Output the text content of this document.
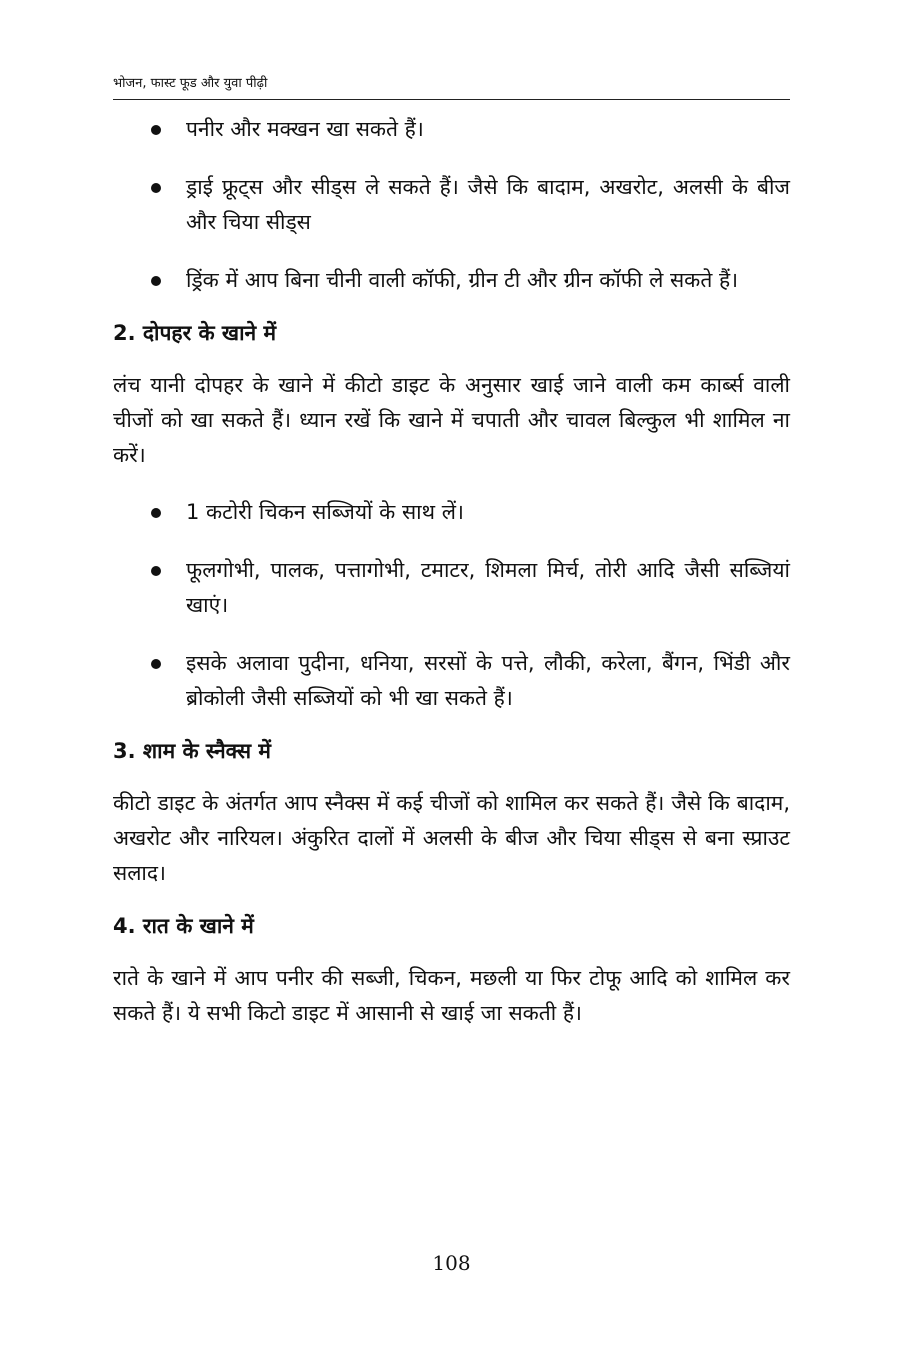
भोजन, फास्ट फूड और युवा पीढ़ी
पनीर और मक्खन खा सकते हैं।
ड्राई फ्रूट्स और सीड्स ले सकते हैं। जैसे कि बादाम, अखरोट, अलसी के बीज और चिया सीड्स
ड्रिंक में आप बिना चीनी वाली कॉफी, ग्रीन टी और ग्रीन कॉफी ले सकते हैं।
2. दोपहर के खाने में

लंच यानी दोपहर के खाने में कीटो डाइट के अनुसार खाई जाने वाली कम कार्ब्स वाली चीजों को खा सकते हैं। ध्यान रखें कि खाने में चपाती और चावल बिल्कुल भी शामिल ना करें।

1 कटोरी चिकन सब्जियों के साथ लें।
फूलगोभी, पालक, पत्तागोभी, टमाटर, शिमला मिर्च, तोरी आदि जैसी सब्जियां खाएं।
इसके अलावा पुदीना, धनिया, सरसों के पत्ते, लौकी, करेला, बैंगन, भिंडी और ब्रोकोली जैसी सब्जियों को भी खा सकते हैं।
3. शाम के स्नैक्स में

कीटो डाइट के अंतर्गत आप स्नैक्स में कई चीजों को शामिल कर सकते हैं। जैसे कि बादाम, अखरोट और नारियल। अंकुरित दालों में अलसी के बीज और चिया सीड्स से बना स्प्राउट सलाद।

4. रात के खाने में

राते के खाने में आप पनीर की सब्जी, चिकन, मछली या फिर टोफू आदि को शामिल कर सकते हैं। ये सभी किटो डाइट में आसानी से खाई जा सकती हैं।

108
